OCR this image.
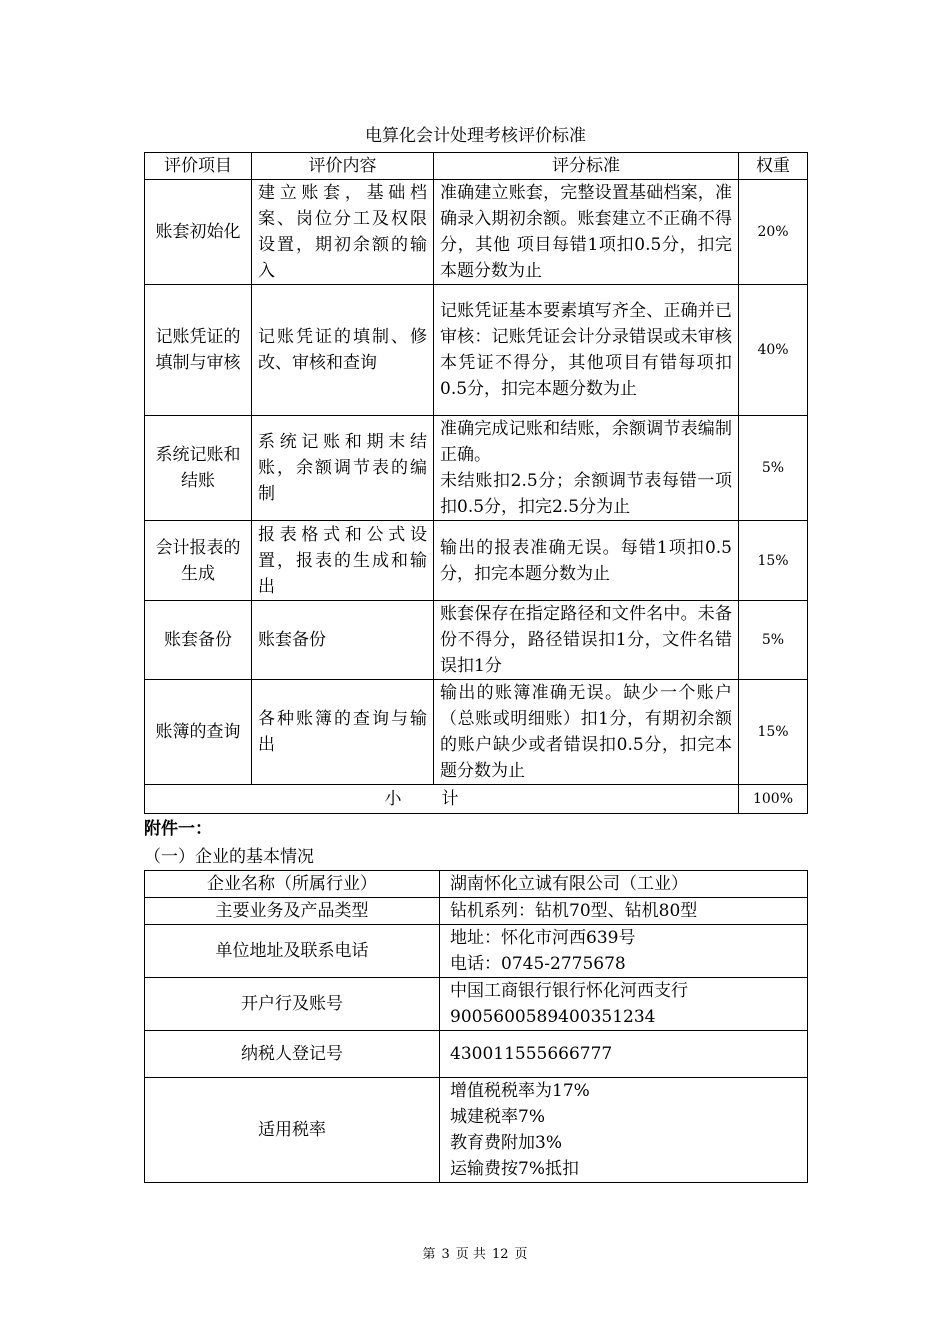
电算化会计处理考核评价标准
评价项目	评价内容	评分标准	权重
账套初始化	建立账套，基础档案、岗位分工及权限设置，期初余额的输入	准确建立账套，完整设置基础档案，准确录入期初余额。账套建立不正确不得分，其他 项目每错1项扣0.5分，扣完本题分数为止	20%
记账凭证的填制与审核	记账凭证的填制、修改、审核和查询	记账凭证基本要素填写齐全、正确并已审核：记账凭证会计分录错误或未审核本凭证不得分，其他项目有错每项扣0.5分，扣完本题分数为止	40%
系统记账和结账	系统记账和期末结账，余额调节表的编制	准确完成记账和结账，余额调节表编制正确。
未结账扣2.5分；余额调节表每错一项扣0.5分，扣完2.5分为止	5%
会计报表的生成	报表格式和公式设置，报表的生成和输出	输出的报表准确无误。每错1项扣0.5分，扣完本题分数为止	15%
账套备份	账套备份	账套保存在指定路径和文件名中。未备份不得分，路径错误扣1分，文件名错误扣1分	5%
账簿的查询	各种账簿的查询与输出	输出的账簿准确无误。缺少一个账户（总账或明细账）扣1分，有期初余额的账户缺少或者错误扣0.5分，扣完本题分数为止	15%
小计			100%
附件一：
（一）企业的基本情况
企业名称（所属行业）	湖南怀化立诚有限公司（工业）
主要业务及产品类型	钻机系列：钻机70型、钻机80型
单位地址及联系电话	地址：怀化市河西639号
电话：0745-2775678
开户行及账号	中国工商银行银行怀化河西支行
9005600589400351234
纳税人登记号	430011555666777
适用税率	增值税税率为17%
城建税率7%
教育费附加3%
运输费按7%抵扣
第 3 页 共 12 页
